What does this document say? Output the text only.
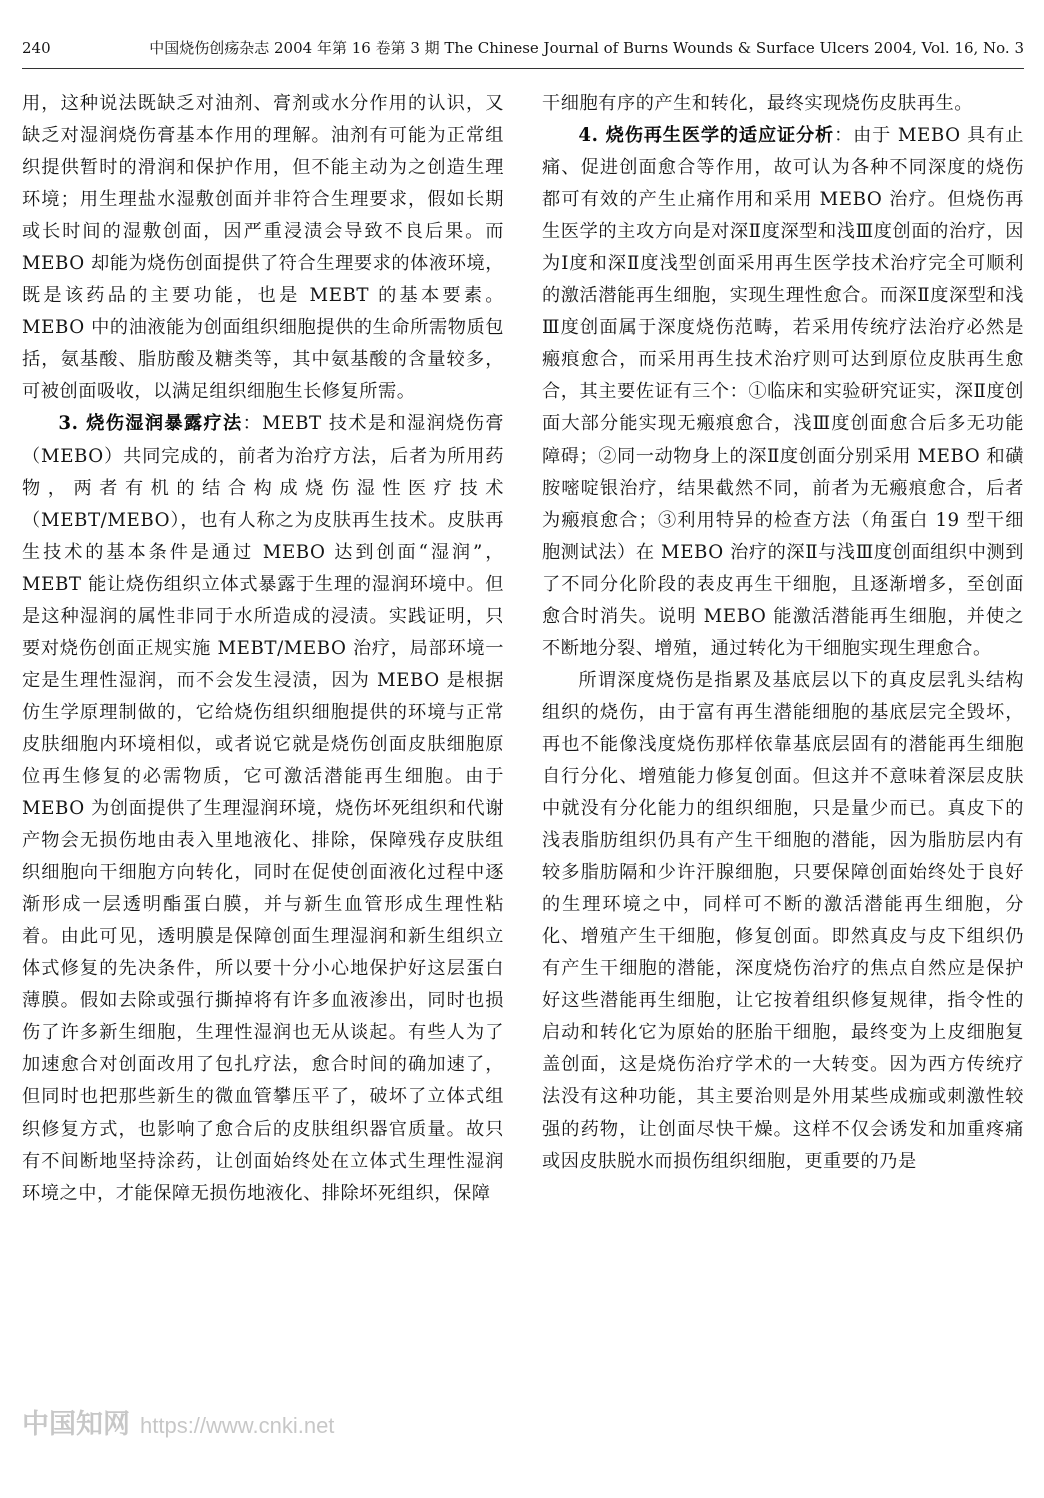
240	中国烧伤创疡杂志 2004 年第 16 卷第 3 期 The Chinese Journal of Burns Wounds & Surface Ulcers 2004, Vol. 16, No. 3

用，这种说法既缺乏对油剂、膏剂或水分作用的认识，又缺乏对湿润烧伤膏基本作用的理解。油剂有可能为正常组织提供暂时的滑润和保护作用，但不能主动为之创造生理环境；用生理盐水湿敷创面并非符合生理要求，假如长期或长时间的湿敷创面，因严重浸渍会导致不良后果。而 MEBO 却能为烧伤创面提供了符合生理要求的体液环境，既是该药品的主要功能，也是 MEBT 的基本要素。MEBO 中的油液能为创面组织细胞提供的生命所需物质包括，氨基酸、脂肪酸及糖类等，其中氨基酸的含量较多，可被创面吸收，以满足组织细胞生长修复所需。

3. 烧伤湿润暴露疗法：MEBT 技术是和湿润烧伤膏（MEBO）共同完成的，前者为治疗方法，后者为所用药物，两者有机的结合构成烧伤湿性医疗技术（MEBT/MEBO），也有人称之为皮肤再生技术。皮肤再生技术的基本条件是通过 MEBO 达到创面“湿润”，MEBT 能让烧伤组织立体式暴露于生理的湿润环境中。但是这种湿润的属性非同于水所造成的浸渍。实践证明，只要对烧伤创面正规实施 MEBT/MEBO 治疗，局部环境一定是生理性湿润，而不会发生浸渍，因为 MEBO 是根据仿生学原理制做的，它给烧伤组织细胞提供的环境与正常皮肤细胞内环境相似，或者说它就是烧伤创面皮肤细胞原位再生修复的必需物质，它可激活潜能再生细胞。由于 MEBO 为创面提供了生理湿润环境，烧伤坏死组织和代谢产物会无损伤地由表入里地液化、排除，保障残存皮肤组织细胞向干细胞方向转化，同时在促使创面液化过程中逐渐形成一层透明酯蛋白膜，并与新生血管形成生理性粘着。由此可见，透明膜是保障创面生理湿润和新生组织立体式修复的先决条件，所以要十分小心地保护好这层蛋白薄膜。假如去除或强行撕掉将有许多血液渗出，同时也损伤了许多新生细胞，生理性湿润也无从谈起。有些人为了加速愈合对创面改用了包扎疗法，愈合时间的确加速了，但同时也把那些新生的微血管攀压平了，破坏了立体式组织修复方式，也影响了愈合后的皮肤组织器官质量。故只有不间断地坚持涂药，让创面始终处在立体式生理性湿润环境之中，才能保障无损伤地液化、排除坏死组织，保障

干细胞有序的产生和转化，最终实现烧伤皮肤再生。

4. 烧伤再生医学的适应证分析：由于 MEBO 具有止痛、促进创面愈合等作用，故可认为各种不同深度的烧伤都可有效的产生止痛作用和采用 MEBO 治疗。但烧伤再生医学的主攻方向是对深Ⅱ度深型和浅Ⅲ度创面的治疗，因为Ⅰ度和深Ⅱ度浅型创面采用再生医学技术治疗完全可顺利的激活潜能再生细胞，实现生理性愈合。而深Ⅱ度深型和浅Ⅲ度创面属于深度烧伤范畴，若采用传统疗法治疗必然是瘢痕愈合，而采用再生技术治疗则可达到原位皮肤再生愈合，其主要佐证有三个：①临床和实验研究证实，深Ⅱ度创面大部分能实现无瘢痕愈合，浅Ⅲ度创面愈合后多无功能障碍；②同一动物身上的深Ⅱ度创面分别采用 MEBO 和磺胺嘧啶银治疗，结果截然不同，前者为无瘢痕愈合，后者为瘢痕愈合；③利用特异的检查方法（角蛋白 19 型干细胞测试法）在 MEBO 治疗的深Ⅱ与浅Ⅲ度创面组织中测到了不同分化阶段的表皮再生干细胞，且逐渐增多，至创面愈合时消失。说明 MEBO 能激活潜能再生细胞，并使之不断地分裂、增殖，通过转化为干细胞实现生理愈合。

所谓深度烧伤是指累及基底层以下的真皮层乳头结构组织的烧伤，由于富有再生潜能细胞的基底层完全毁坏，再也不能像浅度烧伤那样依靠基底层固有的潜能再生细胞自行分化、增殖能力修复创面。但这并不意味着深层皮肤中就没有分化能力的组织细胞，只是量少而已。真皮下的浅表脂肪组织仍具有产生干细胞的潜能，因为脂肪层内有较多脂肪隔和少许汗腺细胞，只要保障创面始终处于良好的生理环境之中，同样可不断的激活潜能再生细胞，分化、增殖产生干细胞，修复创面。即然真皮与皮下组织仍有产生干细胞的潜能，深度烧伤治疗的焦点自然应是保护好这些潜能再生细胞，让它按着组织修复规律，指令性的启动和转化它为原始的胚胎干细胞，最终变为上皮细胞复盖创面，这是烧伤治疗学术的一大转变。因为西方传统疗法没有这种功能，其主要治则是外用某些成痂或刺激性较强的药物，让创面尽快干燥。这样不仅会诱发和加重疼痛或因皮肤脱水而损伤组织细胞，更重要的乃是

中国知网 https://www.cnki.net
